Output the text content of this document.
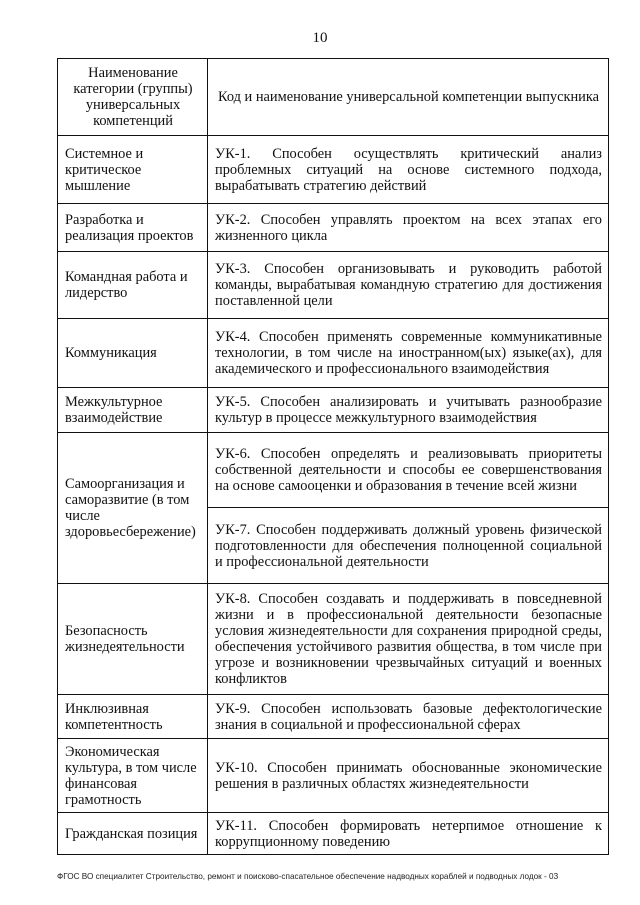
10
Наименование категории (группы) универсальных компетенций	Код и наименование универсальной компетенции выпускника
Системное и критическое мышление	УК-1. Способен осуществлять критический анализ проблемных ситуаций на основе системного подхода, вырабатывать стратегию действий
Разработка и реализация проектов	УК-2. Способен управлять проектом на всех этапах его жизненного цикла
Командная работа и лидерство	УК-3. Способен организовывать и руководить работой команды, вырабатывая командную стратегию для достижения поставленной цели
Коммуникация	УК-4. Способен применять современные коммуникативные технологии, в том числе на иностранном(ых) языке(ах), для академического и профессионального взаимодействия
Межкультурное взаимодействие	УК-5. Способен анализировать и учитывать разнообразие культур в процессе межкультурного взаимодействия
Самоорганизация и саморазвитие (в том числе здоровьесбережение)	УК-6. Способен определять и реализовывать приоритеты собственной деятельности и способы ее совершенствования на основе самооценки и образования в течение всей жизни
	УК-7. Способен поддерживать должный уровень физической подготовленности для обеспечения полноценной социальной и профессиональной деятельности
Безопасность жизнедеятельности	УК-8. Способен создавать и поддерживать в повседневной жизни и в профессиональной деятельности безопасные условия жизнедеятельности для сохранения природной среды, обеспечения устойчивого развития общества, в том числе при угрозе и возникновении чрезвычайных ситуаций и военных конфликтов
Инклюзивная компетентность	УК-9. Способен использовать базовые дефектологические знания в социальной и профессиональной сферах
Экономическая культура, в том числе финансовая грамотность	УК-10. Способен принимать обоснованные экономические решения в различных областях жизнедеятельности
Гражданская позиция	УК-11. Способен формировать нетерпимое отношение к коррупционному поведению
ФГОС ВО специалитет Строительство, ремонт и поисково-спасательное обеспечение надводных кораблей и подводных лодок - 03
